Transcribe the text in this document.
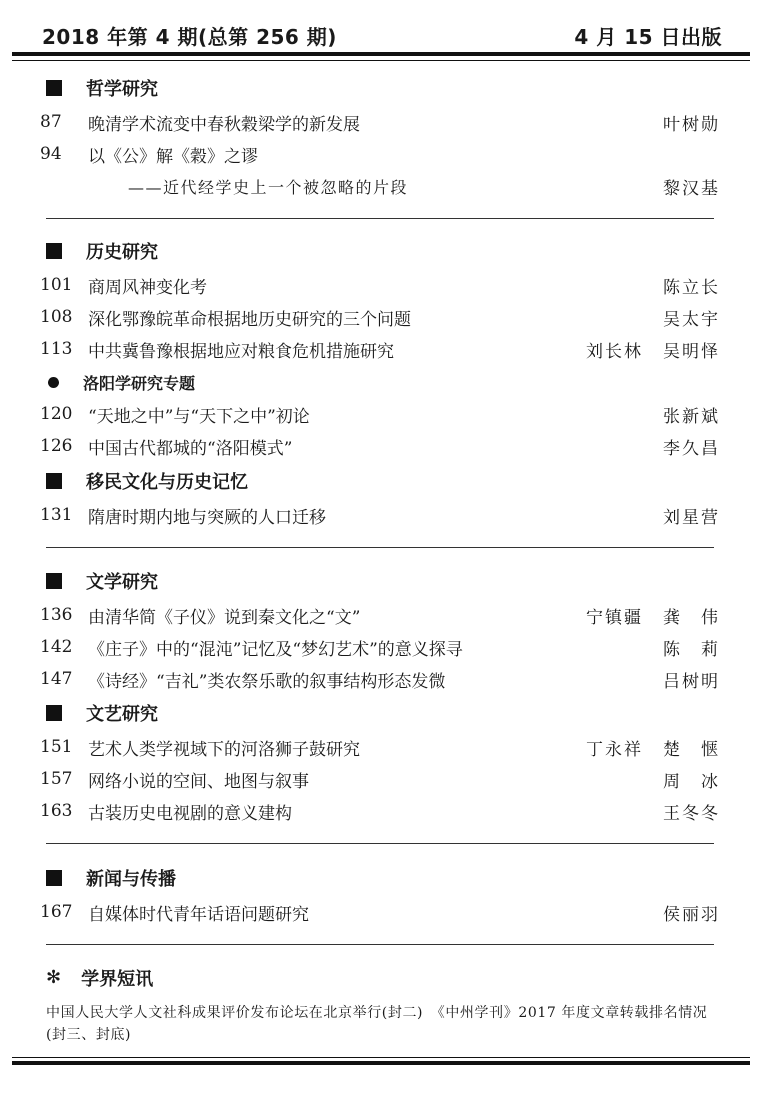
2018 年第 4 期(总第 256 期)	4 月 15 日出版
哲学研究
87	晚清学术流变中春秋穀梁学的新发展	叶树勋
94	以《公》解《穀》之谬
——近代经学史上一个被忽略的片段	黎汉基
历史研究
101 商周风神变化考	陈立长
108 深化鄂豫皖革命根据地历史研究的三个问题	吴太宇
113 中共冀鲁豫根据地应对粮食危机措施研究	刘长林 吴明怿
洛阳学研究专题
120 “天地之中”与“天下之中”初论	张新斌
126 中国古代都城的“洛阳模式”	李久昌
移民文化与历史记忆
131 隋唐时期内地与突厥的人口迁移	刘星营
文学研究
136 由清华简《子仪》说到秦文化之“文”	宁镇疆 龚　伟
142 《庄子》中的“混沌”记忆及“梦幻艺术”的意义探寻	陈　莉
147 《诗经》“吉礼”类农祭乐歌的叙事结构形态发微	吕树明
文艺研究
151 艺术人类学视域下的河洛狮子鼓研究	丁永祥 楚　惬
157 网络小说的空间、地图与叙事	周　冰
163 古装历史电视剧的意义建构	王冬冬
新闻与传播
167 自媒体时代青年话语问题研究	侯丽羽
✻ 学界短讯
中国人民大学人文社科成果评价发布论坛在北京举行(封二)　《中州学刊》2017 年度文章转载排名情况(封三、封底)
